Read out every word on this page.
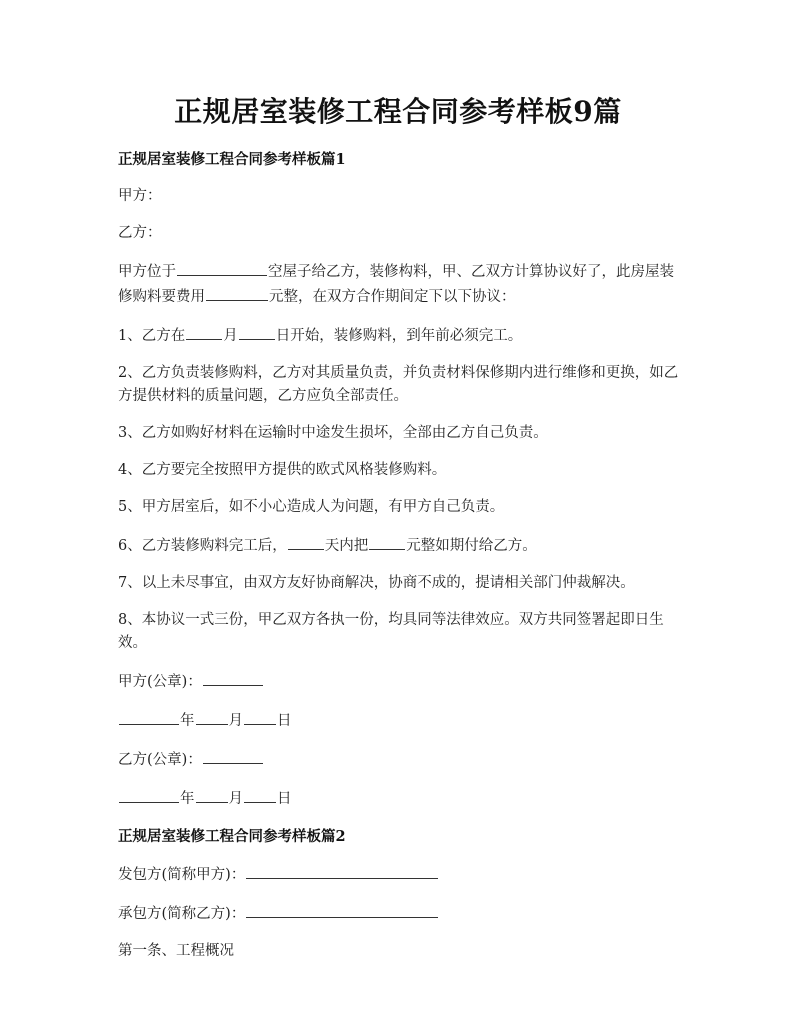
正规居室装修工程合同参考样板9篇

正规居室装修工程合同参考样板篇1

甲方：

乙方：

甲方位于	空屋子给乙方，装修构料，甲、乙双方计算协议好了，此房屋装修购料要费用	元整，在双方合作期间定下以下协议：

1、乙方在	月	日开始，装修购料，到年前必须完工。

2、乙方负责装修购料，乙方对其质量负责，并负责材料保修期内进行维修和更换，如乙方提供材料的质量问题，乙方应负全部责任。

3、乙方如购好材料在运输时中途发生损坏，全部由乙方自己负责。

4、乙方要完全按照甲方提供的欧式风格装修购料。

5、甲方居室后，如不小心造成人为问题，有甲方自己负责。

6、乙方装修购料完工后，	天内把	元整如期付给乙方。

7、以上未尽事宜，由双方友好协商解决，协商不成的，提请相关部门仲裁解决。

8、本协议一式三份，甲乙双方各执一份，均具同等法律效应。双方共同签署起即日生效。

甲方(公章)：

年 月 日

乙方(公章)：

年 月 日

正规居室装修工程合同参考样板篇2

发包方(简称甲方)：

承包方(简称乙方)：

第一条、工程概况
